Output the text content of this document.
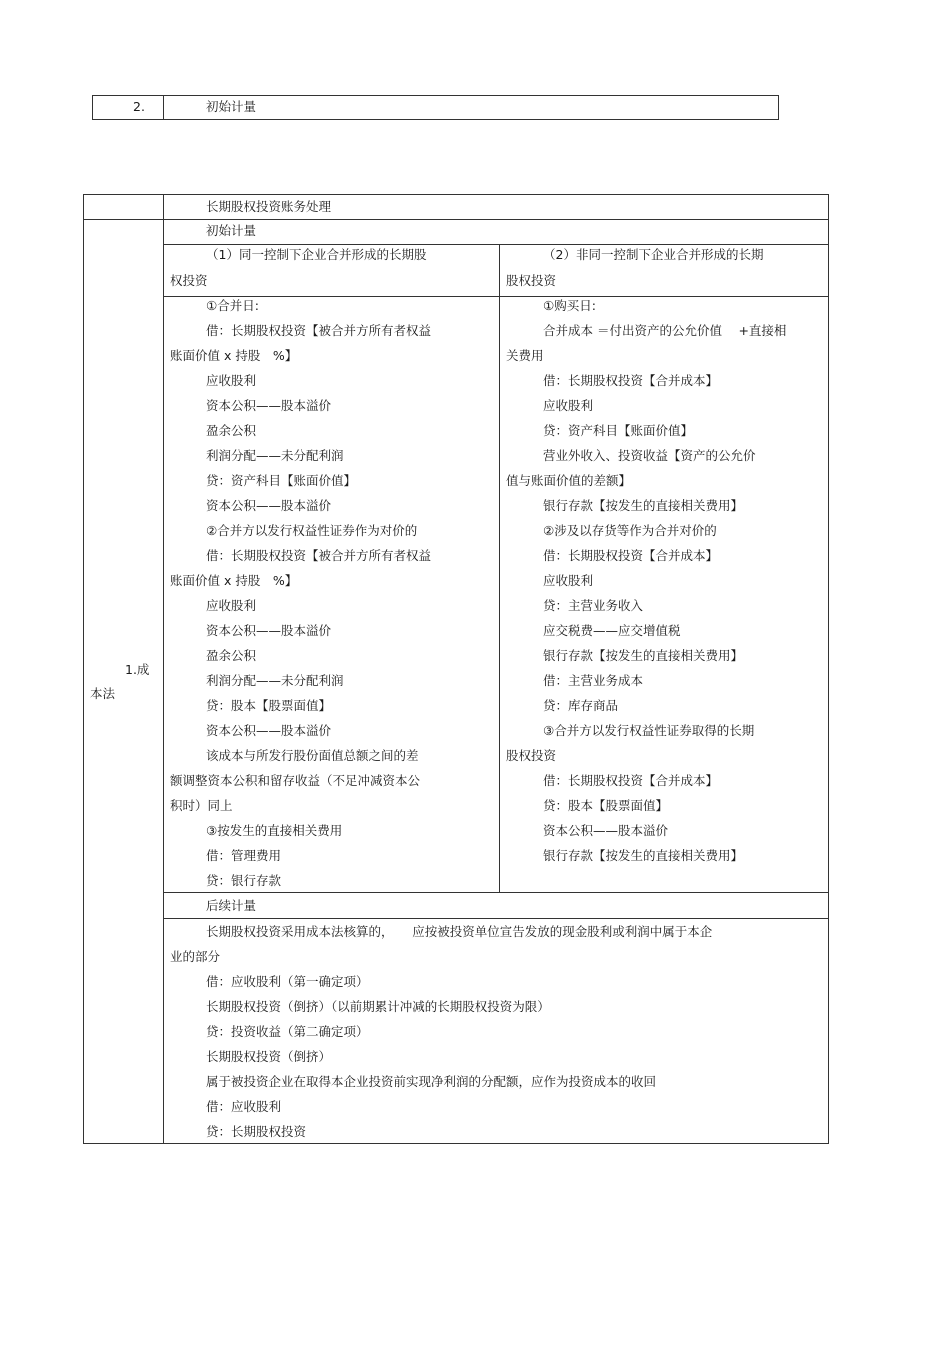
2.	初始计量
长期股权投资账务处理
初始计量
1.成
本法
（1）同一控制下企业合并形成的长期股
权投资
（2）非同一控制下企业合并形成的长期
股权投资
①合并日:
借：长期股权投资【被合并方所有者权益
账面价值 x 持股　%】
应收股利
资本公积——股本溢价
盈余公积
利润分配——未分配利润
贷：资产科目【账面价值】
资本公积——股本溢价
②合并方以发行权益性证券作为对价的
借：长期股权投资【被合并方所有者权益
账面价值 x 持股　%】
应收股利
资本公积——股本溢价
盈余公积
利润分配——未分配利润
贷：股本【股票面值】
资本公积——股本溢价
该成本与所发行股份面值总额之间的差
额调整资本公积和留存收益（不足冲减资本公
积时）同上
③按发生的直接相关费用
借：管理费用
贷：银行存款
①购买日:
合并成本 ＝付出资产的公允价值　 +直接相
关费用
借：长期股权投资【合并成本】
应收股利
贷：资产科目【账面价值】
营业外收入、投资收益【资产的公允价
值与账面价值的差额】
银行存款【按发生的直接相关费用】
②涉及以存货等作为合并对价的
借：长期股权投资【合并成本】
应收股利
贷：主营业务收入
应交税费——应交增值税
银行存款【按发生的直接相关费用】
借：主营业务成本
贷：库存商品
③合并方以发行权益性证券取得的长期
股权投资
借：长期股权投资【合并成本】
贷：股本【股票面值】
资本公积——股本溢价
银行存款【按发生的直接相关费用】
后续计量
长期股权投资采用成本法核算的，　　应按被投资单位宣告发放的现金股利或利润中属于本企
业的部分
借：应收股利（第一确定项）
长期股权投资（倒挤）（以前期累计冲减的长期股权投资为限）
贷：投资收益（第二确定项）
长期股权投资（倒挤）
属于被投资企业在取得本企业投资前实现净利润的分配额，应作为投资成本的收回
借：应收股利
贷：长期股权投资
